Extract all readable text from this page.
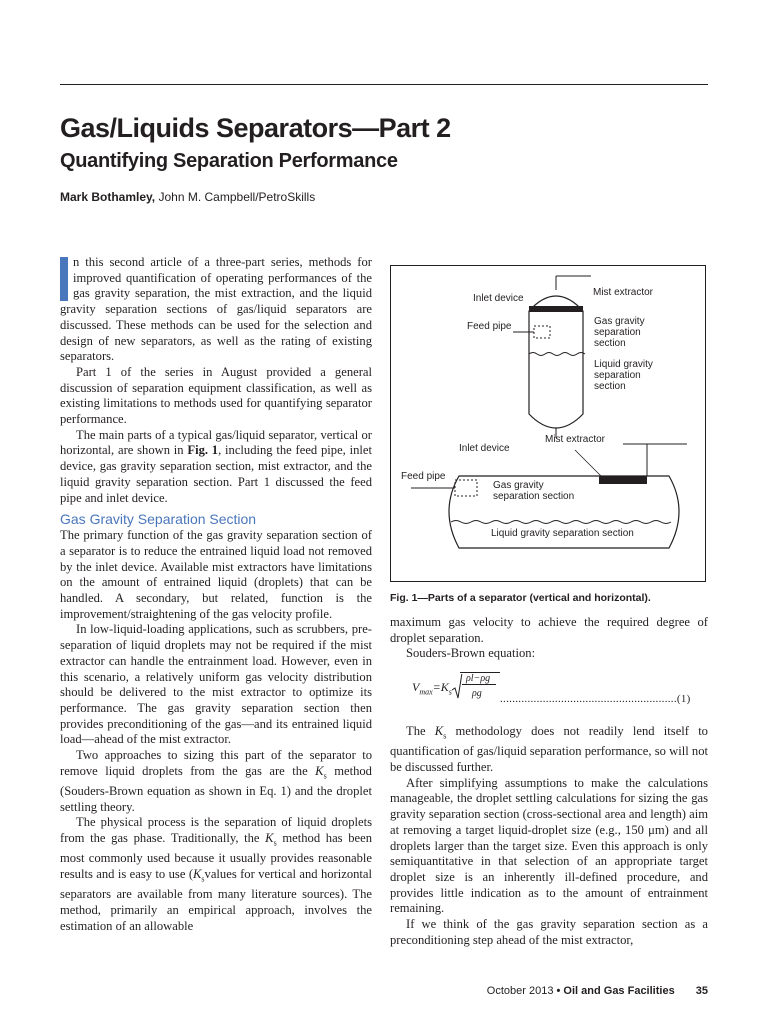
Gas/Liquids Separators—Part 2
Quantifying Separation Performance
Mark Bothamley, John M. Campbell/PetroSkills

n this second article of a three-part series, methods for improved quantification of operating performances of the gas gravity separation, the mist extraction, and the liquid gravity separation sections of gas/liquid separators are discussed. These methods can be used for the selection and design of new separators, as well as the rating of existing separators.

Part 1 of the series in August provided a general discussion of separation equipment classification, as well as existing limitations to methods used for quantifying separator performance.

The main parts of a typical gas/liquid separator, vertical or horizontal, are shown in Fig. 1, including the feed pipe, inlet device, gas gravity separation section, mist extractor, and the liquid gravity separation section. Part 1 discussed the feed pipe and inlet device.

Gas Gravity Separation Section

The primary function of the gas gravity separation section of a separator is to reduce the entrained liquid load not removed by the inlet device. Available mist extractors have limitations on the amount of entrained liquid (droplets) that can be handled. A secondary, but related, function is the improvement/straightening of the gas velocity profile.

In low-liquid-loading applications, such as scrubbers, pre-separation of liquid droplets may not be required if the mist extractor can handle the entrainment load. However, even in this scenario, a relatively uniform gas velocity distribution should be delivered to the mist extractor to optimize its performance. The gas gravity separation section then provides preconditioning of the gas—and its entrained liquid load—ahead of the mist extractor.

Two approaches to sizing this part of the separator to remove liquid droplets from the gas are the $K_s$ method (Souders-Brown equation as shown in Eq. 1) and the droplet settling theory.

The physical process is the separation of liquid droplets from the gas phase. Traditionally, the $K_s$ method has been most commonly used because it usually provides reasonable results and is easy to use ($K_svalues$ for vertical and horizontal separators are available from many literature sources). The method, primarily an empirical approach, involves the estimation of an allowable

Inlet device
Mist extractor
Feed pipe	Gas gravity
separation
section
Liquid gravity
separation
section
Inlet device
Mist extractor
Feed pipe
Gas gravity
separation section
Liquid gravity separation section
Fig. 1—Parts of a separator (vertical and horizontal).

maximum gas velocity to achieve the required degree of droplet separation.

Souders-Brown equation:

$V_{max}=K_s$
ρl−ρg
ρg ..........................................................(1)

The $K_s$ methodology does not readily lend itself to quantification of gas/liquid separation performance, so will not be discussed further.

After simplifying assumptions to make the calculations manageable, the droplet settling calculations for sizing the gas gravity separation section (cross-sectional area and length) aim at removing a target liquid-droplet size (e.g., 150 μm) and all droplets larger than the target size. Even this approach is only semiquantitative in that selection of an appropriate target droplet size is an inherently ill-defined procedure, and provides little indication as to the amount of entrainment remaining.

If we think of the gas gravity separation section as a preconditioning step ahead of the mist extractor,

October 2013 • Oil and Gas Facilities 35
